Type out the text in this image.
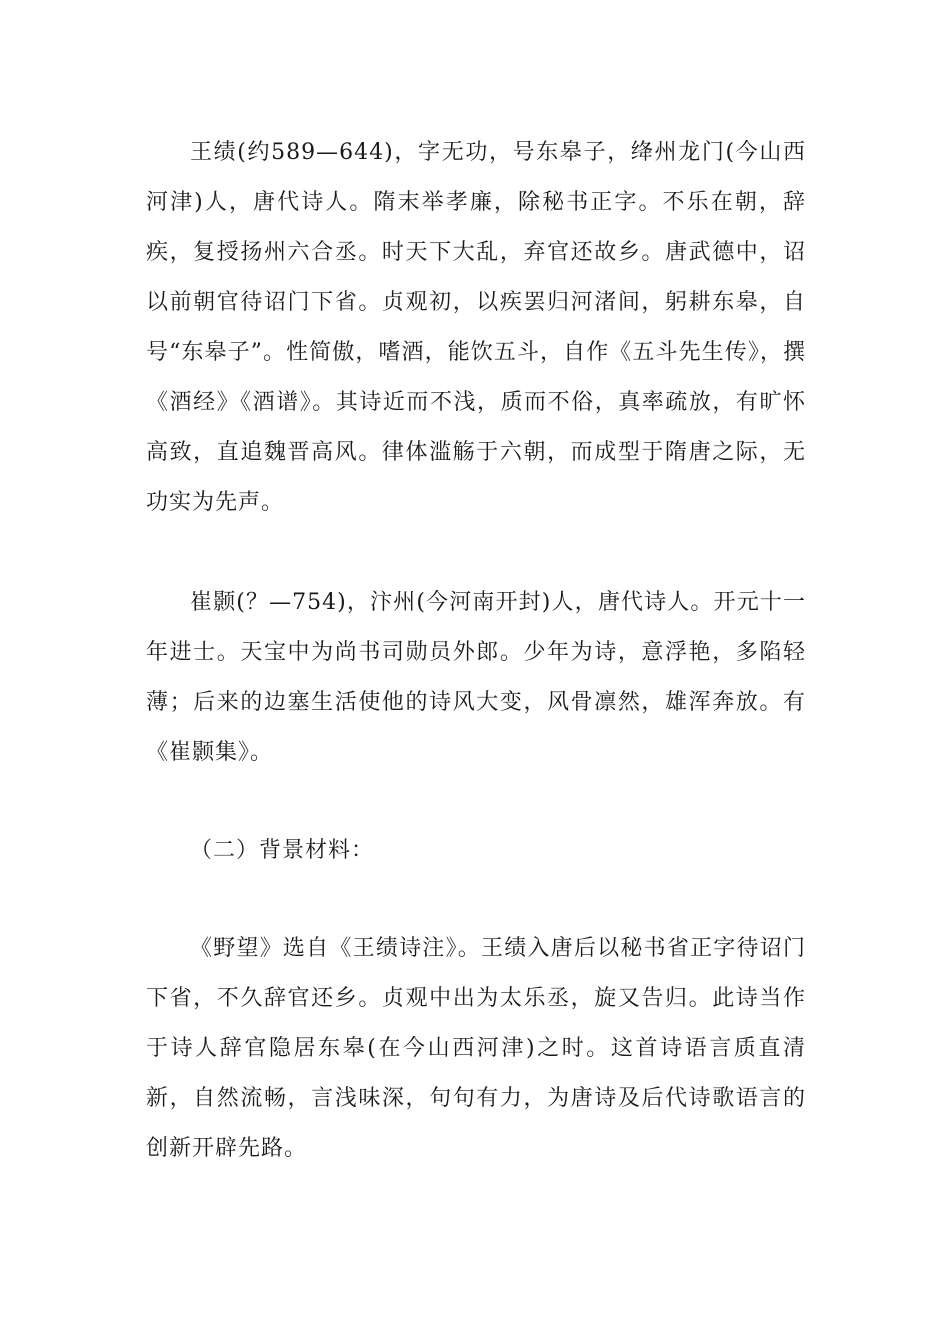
王绩(约589—644)，字无功，号东皋子，绛州龙门(今山西河津)人，唐代诗人。隋末举孝廉，除秘书正字。不乐在朝，辞疾，复授扬州六合丞。时天下大乱，弃官还故乡。唐武德中，诏以前朝官待诏门下省。贞观初，以疾罢归河渚间，躬耕东皋，自号“东皋子”。性简傲，嗜酒，能饮五斗，自作《五斗先生传》，撰《酒经》《酒谱》。其诗近而不浅，质而不俗，真率疏放，有旷怀高致，直追魏晋高风。律体滥觞于六朝，而成型于隋唐之际，无功实为先声。

崔颢(？—754)，汴州(今河南开封)人，唐代诗人。开元十一年进士。天宝中为尚书司勋员外郎。少年为诗，意浮艳，多陷轻薄；后来的边塞生活使他的诗风大变，风骨凛然，雄浑奔放。有《崔颢集》。

（二）背景材料：

《野望》选自《王绩诗注》。王绩入唐后以秘书省正字待诏门下省，不久辞官还乡。贞观中出为太乐丞，旋又告归。此诗当作于诗人辞官隐居东皋(在今山西河津)之时。这首诗语言质直清新，自然流畅，言浅味深，句句有力，为唐诗及后代诗歌语言的创新开辟先路。
